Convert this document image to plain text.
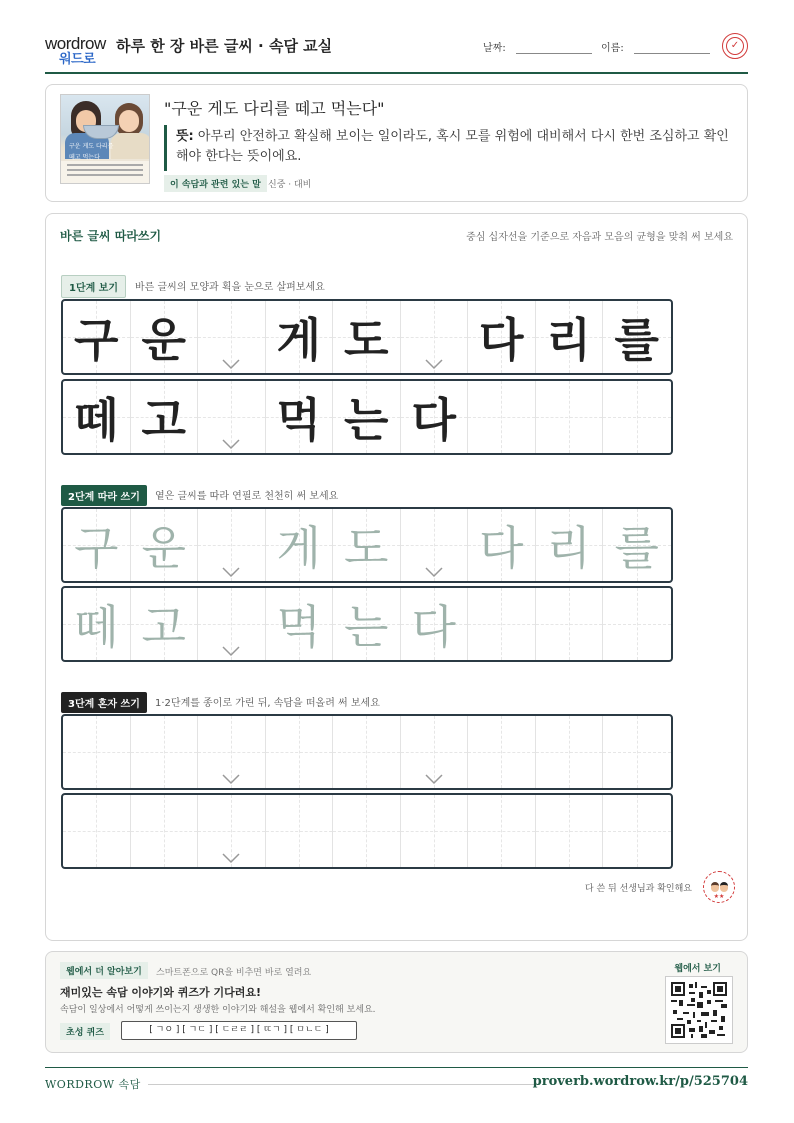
wordrow
워드로
하루 한 장 바른 글씨 · 속담 교실	날짜:	이름:	✓
구운 게도 다리를
떼고 먹는다
"구운 게도 다리를 떼고 먹는다"
뜻: 아무리 안전하고 확실해 보이는 일이라도, 혹시 모를 위험에 대비해서 다시 한번 조심하고 확인해야 한다는 뜻이에요.
이 속담과 관련 있는 말 신중 · 대비
바른 글씨 따라쓰기	중심 십자선을 기준으로 자음과 모음의 균형을 맞춰 써 보세요
1단계 보기	바른 글씨의 모양과 획을 눈으로 살펴보세요
구 운 게 도 다 리 를
떼 고 먹 는 다
2단계 따라 쓰기	옅은 글씨를 따라 연필로 천천히 써 보세요
구 운 게 도 다 리 를
떼 고 먹 는 다
3단계 혼자 쓰기	1·2단계를 종이로 가린 뒤, 속담을 떠올려 써 보세요
다 쓴 뒤 선생님과 확인해요
★★
웹에서 더 알아보기	스마트폰으로 QR을 비추면 바로 열려요
재미있는 속담 이야기와 퀴즈가 기다려요!
속담이 일상에서 어떻게 쓰이는지 생생한 이야기와 해설을 웹에서 확인해 보세요.
초성 퀴즈	[ ㄱㅇ ] [ ㄱㄷ ] [ ㄷㄹㄹ ] [ ㄸㄱ ] [ ㅁㄴㄷ ]
웹에서 보기
WORDROW 속담	proverb.wordrow.kr/p/525704
